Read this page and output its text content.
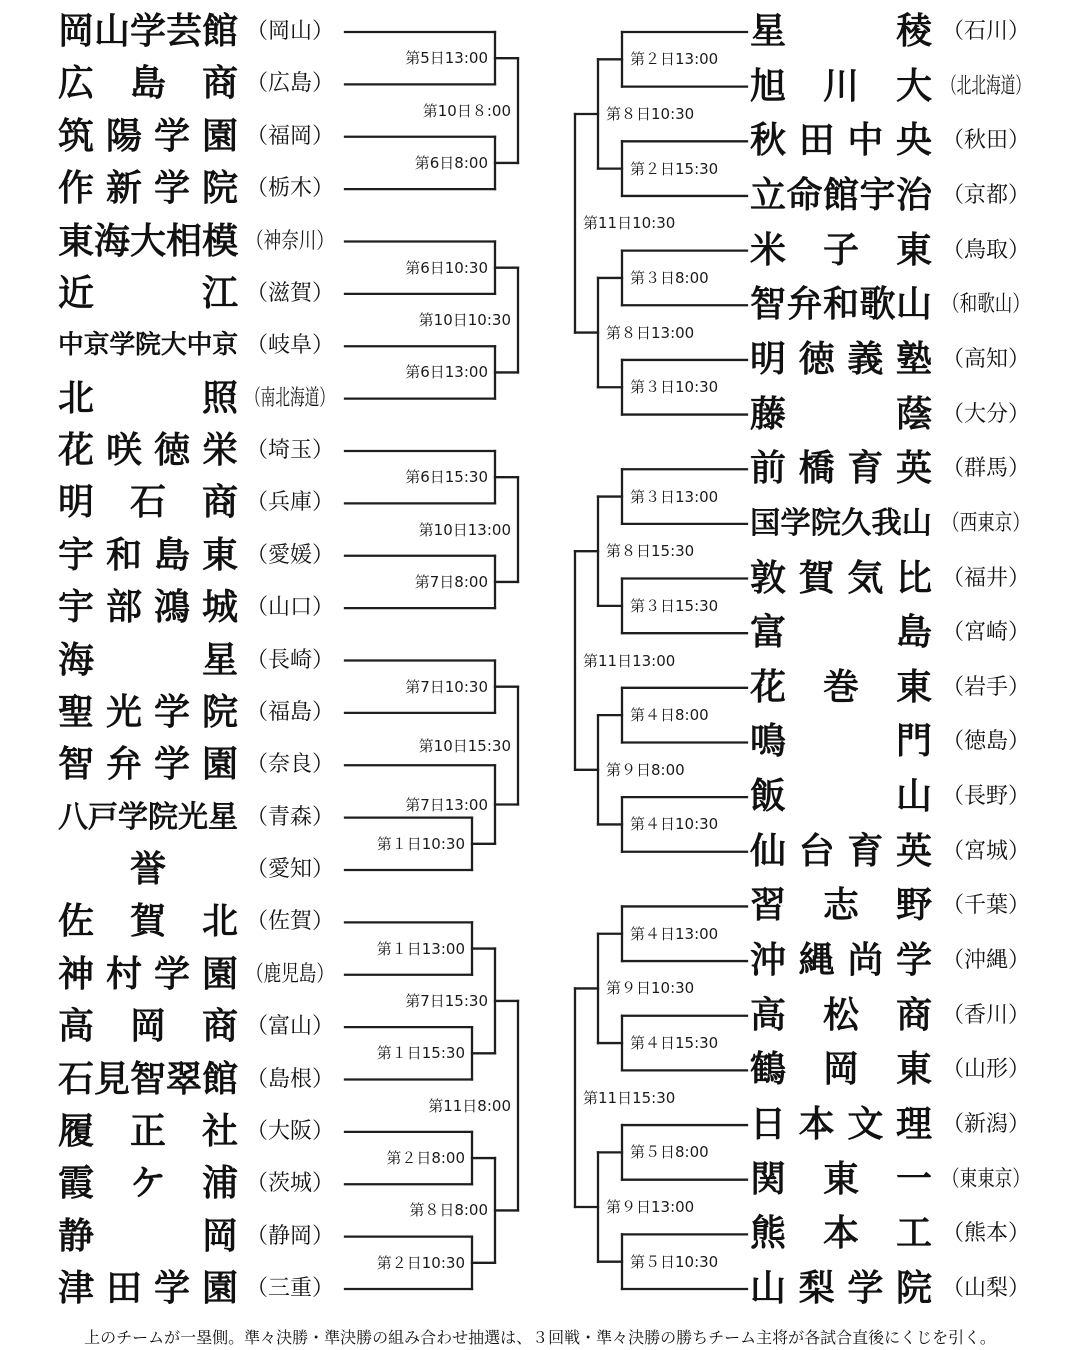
岡 山 学 芸 館 （岡山）
広 島 商 （広島）
筑 陽 学 園 （福岡）
作 新 学 院 （栃木）
東 海 大 相 模 （神奈川）
近	江 （滋賀）
中 京 学 院 大 中 京 （岐阜）
北	照 （南北海道）
花 咲 徳 栄 （埼玉）
明 石 商 （兵庫）
宇 和 島 東 （愛媛）
宇 部 鴻 城 （山口）
海	星 （長崎）
聖 光 学 院 （福島）
智 弁 学 園 （奈良）
八 戸 学 院 光 星 （青森）
誉	（愛知）
佐 賀 北 （佐賀）
神 村 学 園 （鹿児島）
高 岡 商 （富山）
石 見 智 翠 館 （島根）
履 正 社 （大阪）
霞 ケ 浦 （茨城）
静	岡 （静岡）
津 田 学 園 （三重）
第5日13:00
第6日8:00
第10日８:00
第6日10:30
第6日13:00
第10日10:30
第6日15:30
第7日8:00
第10日13:00
第7日10:30
第１日10:30
第7日13:00
第10日15:30
第１日13:00
第１日15:30
第7日15:30
第２日8:00
第２日10:30
第８日8:00
第11日8:00
星	稜 （石川）
旭 川 大 （北北海道）
秋 田 中 央 （秋田）
立 命 館 宇 治 （京都）
米 子 東 （鳥取）
智 弁 和 歌 山 （和歌山）
明 徳 義 塾 （高知）
藤	蔭 （大分）
前 橋 育 英 （群馬）
国 学 院 久 我 山 （西東京）
敦 賀 気 比 （福井）
富	島 （宮崎）
花 巻 東 （岩手）
鳴	門 （徳島）
飯	山 （長野）
仙 台 育 英 （宮城）
習 志 野 （千葉）
沖 縄 尚 学 （沖縄）
高 松 商 （香川）
鶴 岡 東 （山形）
日 本 文 理 （新潟）
関 東 一 （東東京）
熊 本 工 （熊本）
山 梨 学 院 （山梨）
第２日13:00
第２日15:30
第８日10:30
第３日8:00
第３日10:30
第８日13:00
第11日10:30
第３日13:00
第３日15:30
第８日15:30
第４日8:00
第４日10:30
第９日8:00
第11日13:00
第４日13:00
第４日15:30
第９日10:30
第５日8:00
第５日10:30
第９日13:00
第11日15:30
上のチームが一塁側。準々決勝・準決勝の組み合わせ抽選は、３回戦・準々決勝の勝ちチーム主将が各試合直後にくじを引く。
